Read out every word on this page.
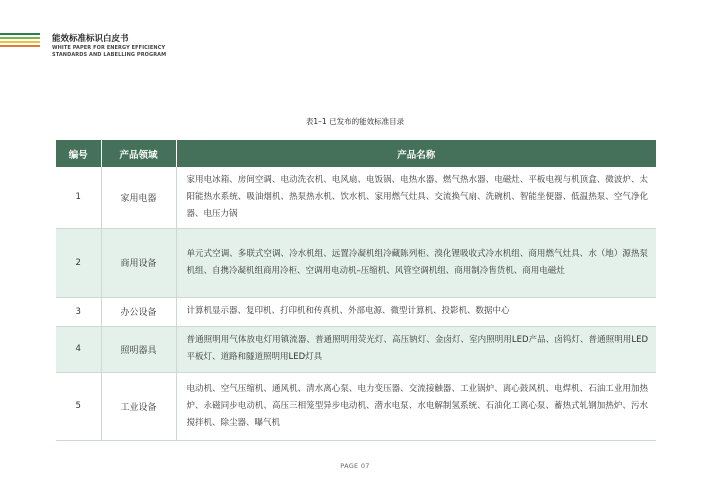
能效标准标识白皮书
WHITE PAPER FOR ENERGY EFFICIENCY
STANDARDS AND LABELLING PROGRAM
表1–1 已发布的能效标准目录
编号	产品领域	产品名称
1	家用电器	家用电冰箱、房间空调、电动洗衣机、电风扇、电饭锅、电热水器、燃气热水器、电磁灶、平板电视与机顶盒、微波炉、太阳能热水系统、吸油烟机、热泵热水机、饮水机、家用燃气灶具、交流换气扇、洗碗机、智能坐便器、低温热泵、空气净化器、电压力锅
2	商用设备	单元式空调、多联式空调、冷水机组、远置冷凝机组冷藏陈列柜、溴化锂吸收式冷水机组、商用燃气灶具、水（地）源热泵机组、自携冷凝机组商用冷柜、空调用电动机–压缩机、风管空调机组、商用制冷售货机、商用电磁灶
3	办公设备	计算机显示器、复印机、打印机和传真机、外部电源、微型计算机、投影机、数据中心
4	照明器具	普通照明用气体放电灯用镇流器、普通照明用荧光灯、高压钠灯、金卤灯、室内照明用LED产品、卤钨灯、普通照明用LED平板灯、道路和隧道照明用LED灯具
5	工业设备	电动机、空气压缩机、通风机、清水离心泵、电力变压器、交流接触器、工业锅炉、离心鼓风机、电焊机、石油工业用加热炉、永磁同步电动机、高压三相笼型异步电动机、潜水电泵、水电解制氢系统、石油化工离心泵、蓄热式轧钢加热炉、污水搅拌机、除尘器、曝气机
PAGE 07
